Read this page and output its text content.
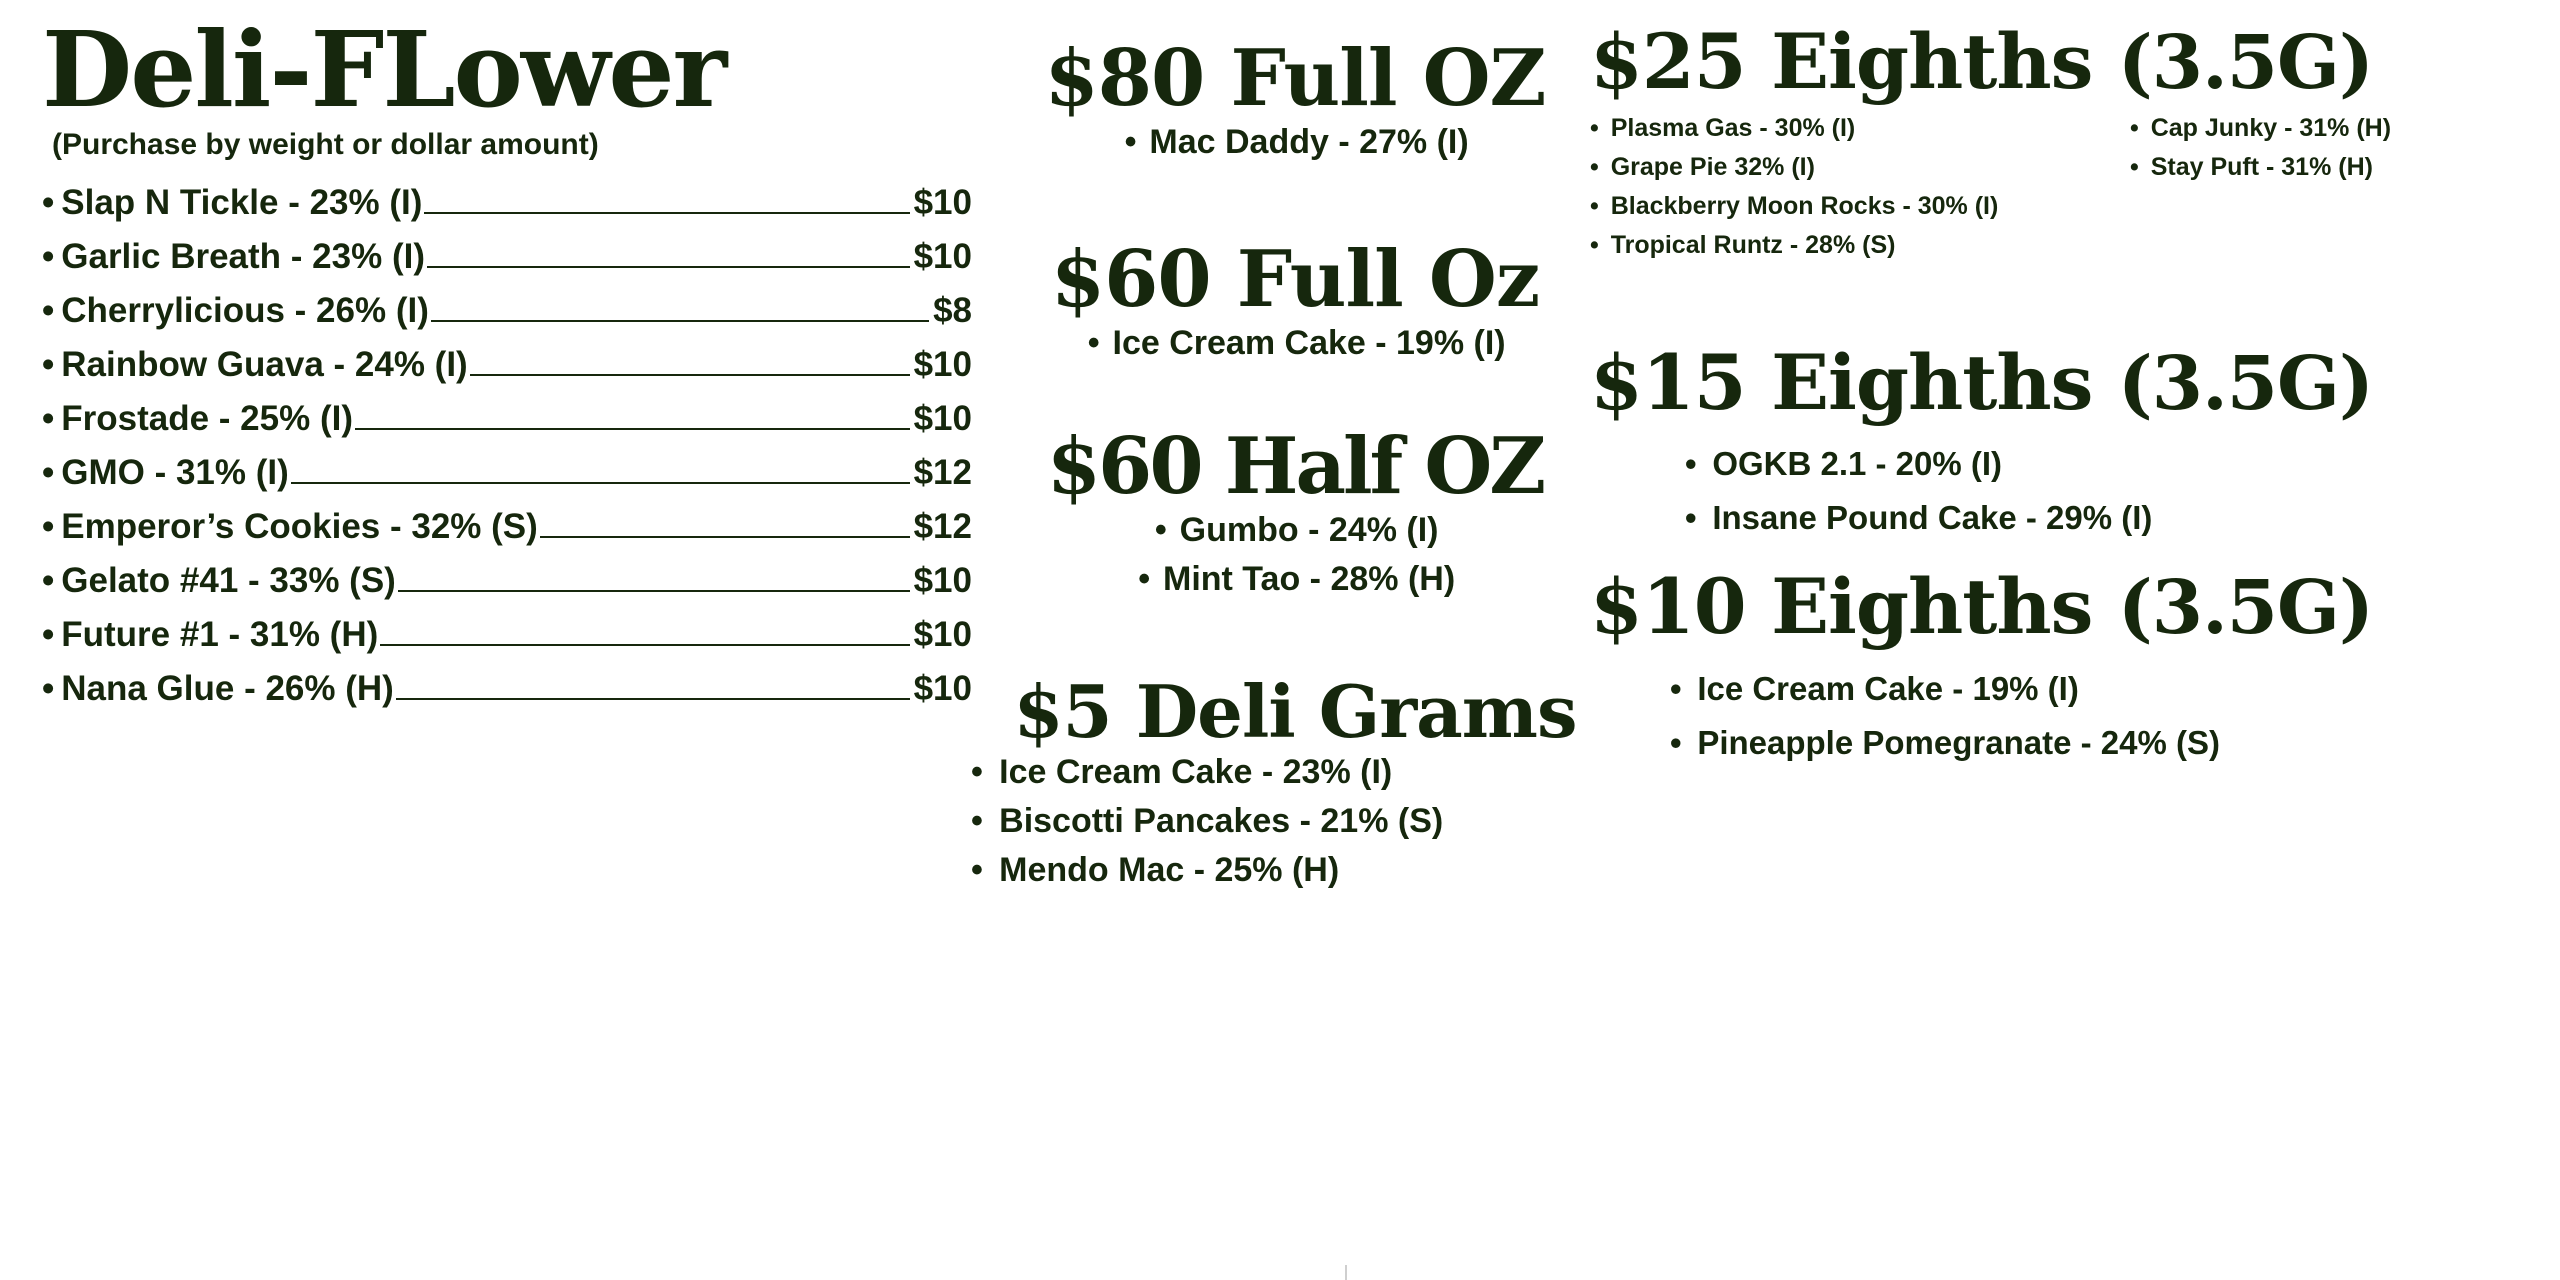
Deli-FLower
(Purchase by weight or dollar amount)
• Slap N Tickle - 23% (I)	$10
• Garlic Breath - 23% (I)	$10
• Cherrylicious - 26% (I)	$8
• Rainbow Guava - 24% (I)	$10
• Frostade - 25% (I)	$10
• GMO - 31% (I)	$12
• Emperor’s Cookies - 32% (S)	$12
• Gelato #41 - 33% (S)	$10
• Future #1 - 31% (H)	$10
• Nana Glue - 26% (H)	$10
$80 Full OZ
• Mac Daddy - 27% (I)
$60 Full Oz
• Ice Cream Cake - 19% (I)
$60 Half OZ
• Gumbo - 24% (I)
• Mint Tao - 28% (H)
$5 Deli Grams
• Ice Cream Cake - 23% (I)
• Biscotti Pancakes - 21% (S)
• Mendo Mac - 25% (H)
$25 Eighths (3.5G)
• Plasma Gas - 30% (I)
• Grape Pie 32% (I)
• Blackberry Moon Rocks - 30% (I)
• Tropical Runtz - 28% (S)
• Cap Junky - 31% (H)
• Stay Puft - 31% (H)
$15 Eighths (3.5G)
• OGKB 2.1 - 20% (I)
• Insane Pound Cake - 29% (I)
$10 Eighths (3.5G)
• Ice Cream Cake - 19% (I)
• Pineapple Pomegranate - 24% (S)
